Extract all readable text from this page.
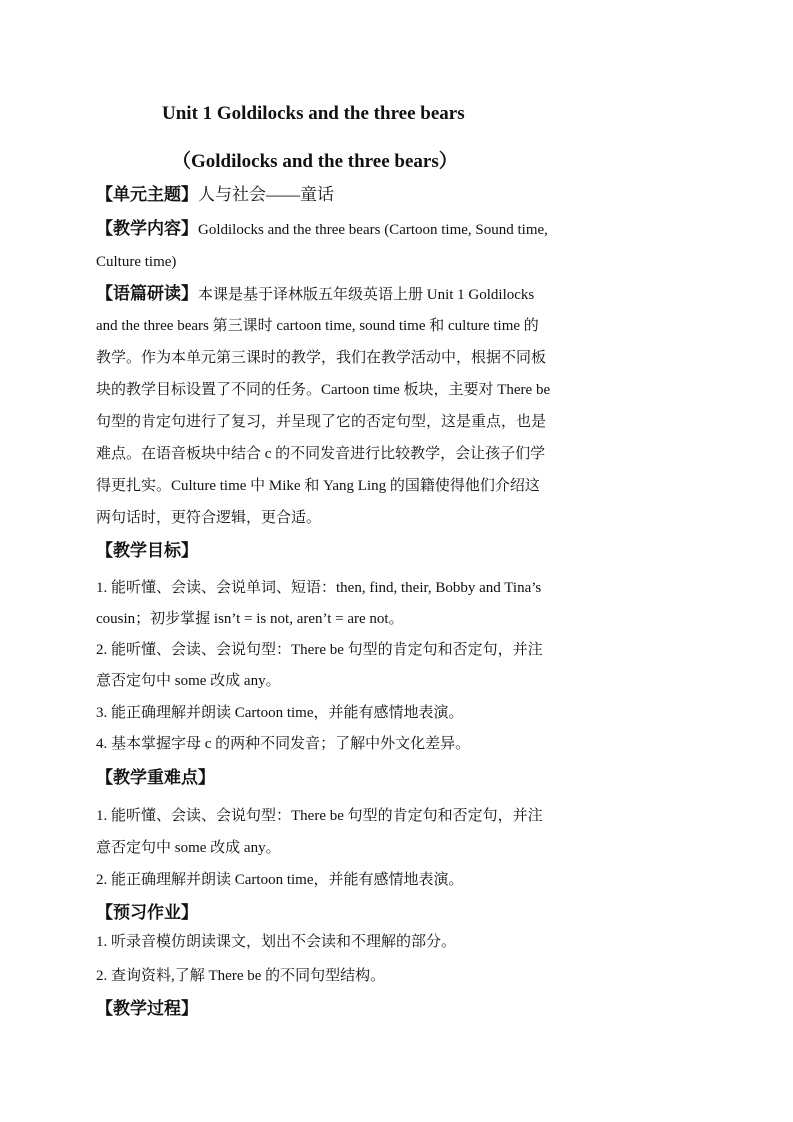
Unit 1 Goldilocks and the three bears
（Goldilocks and the three bears）
【单元主题】人与社会——童话
【教学内容】Goldilocks and the three bears (Cartoon time, Sound time,
Culture time)
【语篇研读】本课是基于译林版五年级英语上册 Unit 1 Goldilocks
and the three bears 第三课时 cartoon time, sound time 和 culture time 的
教学。作为本单元第三课时的教学，我们在教学活动中，根据不同板
块的教学目标设置了不同的任务。Cartoon time 板块，主要对 There be
句型的肯定句进行了复习，并呈现了它的否定句型，这是重点，也是
难点。在语音板块中结合 c 的不同发音进行比较教学，会让孩子们学
得更扎实。Culture time 中 Mike 和 Yang Ling 的国籍使得他们介绍这
两句话时，更符合逻辑，更合适。
【教学目标】
1. 能听懂、会读、会说单词、短语：then, find, their, Bobby and Tina’s
cousin；初步掌握 isn’t = is not, aren’t = are not。
2. 能听懂、会读、会说句型：There be 句型的肯定句和否定句，并注
意否定句中 some 改成 any。
3. 能正确理解并朗读 Cartoon time，并能有感情地表演。
4. 基本掌握字母 c 的两种不同发音；了解中外文化差异。
【教学重难点】
1. 能听懂、会读、会说句型：There be 句型的肯定句和否定句，并注
意否定句中 some 改成 any。
2. 能正确理解并朗读 Cartoon time，并能有感情地表演。
【预习作业】
1. 听录音模仿朗读课文，划出不会读和不理解的部分。
2. 查询资料,了解 There be 的不同句型结构。
【教学过程】
